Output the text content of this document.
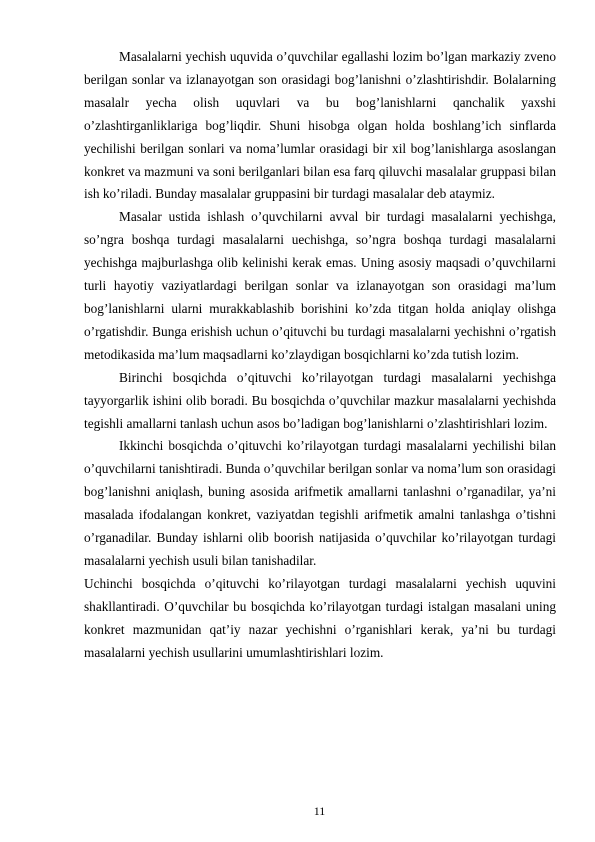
Masalalarni yechish uquvida o’quvchilar egallashi lozim bo’lgan markaziy zveno berilgan sonlar va izlanayotgan son orasidagi bog’lanishni o’zlashtirishdir. Bolalarning masalalr yecha olish uquvlari va bu bog’lanishlarni qanchalik yaxshi o’zlashtirganliklariga bog’liqdir. Shuni hisobga olgan holda boshlang’ich sinflarda yechilishi berilgan sonlari va noma’lumlar orasidagi bir xil bog’lanishlarga asoslangan konkret va mazmuni va soni berilganlari bilan esa farq qiluvchi masalalar gruppasi bilan ish ko’riladi. Bunday masalalar gruppasini bir turdagi masalalar deb ataymiz.

Masalar ustida ishlash o’quvchilarni avval bir turdagi masalalarni yechishga, so’ngra boshqa turdagi masalalarni uechishga, so’ngra boshqa turdagi masalalarni yechishga majburlashga olib kelinishi kerak emas. Uning asosiy maqsadi o’quvchilarni turli hayotiy vaziyatlardagi berilgan sonlar va izlanayotgan son orasidagi ma’lum bog’lanishlarni ularni murakkablashib borishini ko’zda titgan holda aniqlay olishga o’rgatishdir. Bunga erishish uchun o’qituvchi bu turdagi masalalarni yechishni o’rgatish metodikasida ma’lum maqsadlarni ko’zlaydigan bosqichlarni ko’zda tutish lozim.

Birinchi bosqichda o’qituvchi ko’rilayotgan turdagi masalalarni yechishga tayyorgarlik ishini olib boradi. Bu bosqichda o’quvchilar mazkur masalalarni yechishda tegishli amallarni tanlash uchun asos bo’ladigan bog’lanishlarni o’zlashtirishlari lozim.

Ikkinchi bosqichda o’qituvchi ko’rilayotgan turdagi masalalarni yechilishi bilan o’quvchilarni tanishtiradi. Bunda o’quvchilar berilgan sonlar va noma’lum son orasidagi bog’lanishni aniqlash, buning asosida arifmetik amallarni tanlashni o’rganadilar, ya’ni masalada ifodalangan konkret, vaziyatdan tegishli arifmetik amalni tanlashga o’tishni o’rganadilar. Bunday ishlarni olib boorish natijasida o’quvchilar ko’rilayotgan turdagi masalalarni yechish usuli bilan tanishadilar.

Uchinchi bosqichda o’qituvchi ko’rilayotgan turdagi masalalarni yechish uquvini shakllantiradi. O’quvchilar bu bosqichda ko’rilayotgan turdagi istalgan masalani uning konkret mazmunidan qat’iy nazar yechishni o’rganishlari kerak, ya’ni bu turdagi masalalarni yechish usullarini umumlashtirishlari lozim.

11
